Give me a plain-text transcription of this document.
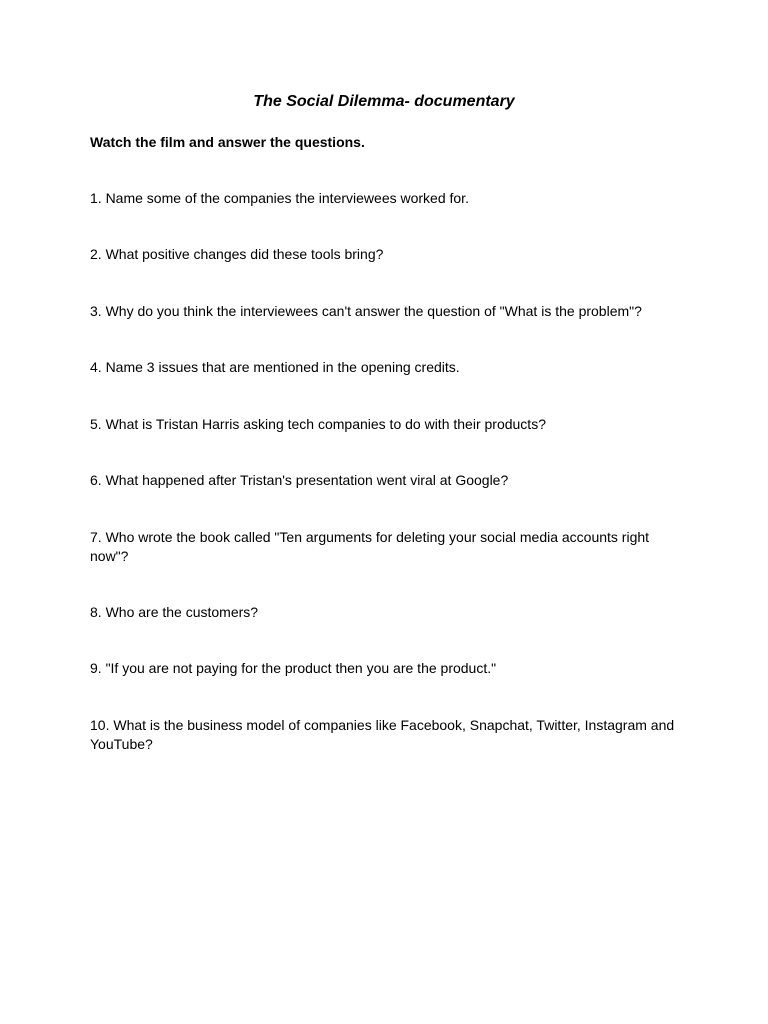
The Social Dilemma- documentary

Watch the film and answer the questions.

1. Name some of the companies the interviewees worked for.

2. What positive changes did these tools bring?

3. Why do you think the interviewees can't answer the question of "What is the problem"?

4. Name 3 issues that are mentioned in the opening credits.

5. What is Tristan Harris asking tech companies to do with their products?

6. What happened after Tristan's presentation went viral at Google?

7. Who wrote the book called "Ten arguments for deleting your social media accounts right now"?

8. Who are the customers?

9. "If you are not paying for the product then you are the product."

10. What is the business model of companies like Facebook, Snapchat, Twitter, Instagram and YouTube?
